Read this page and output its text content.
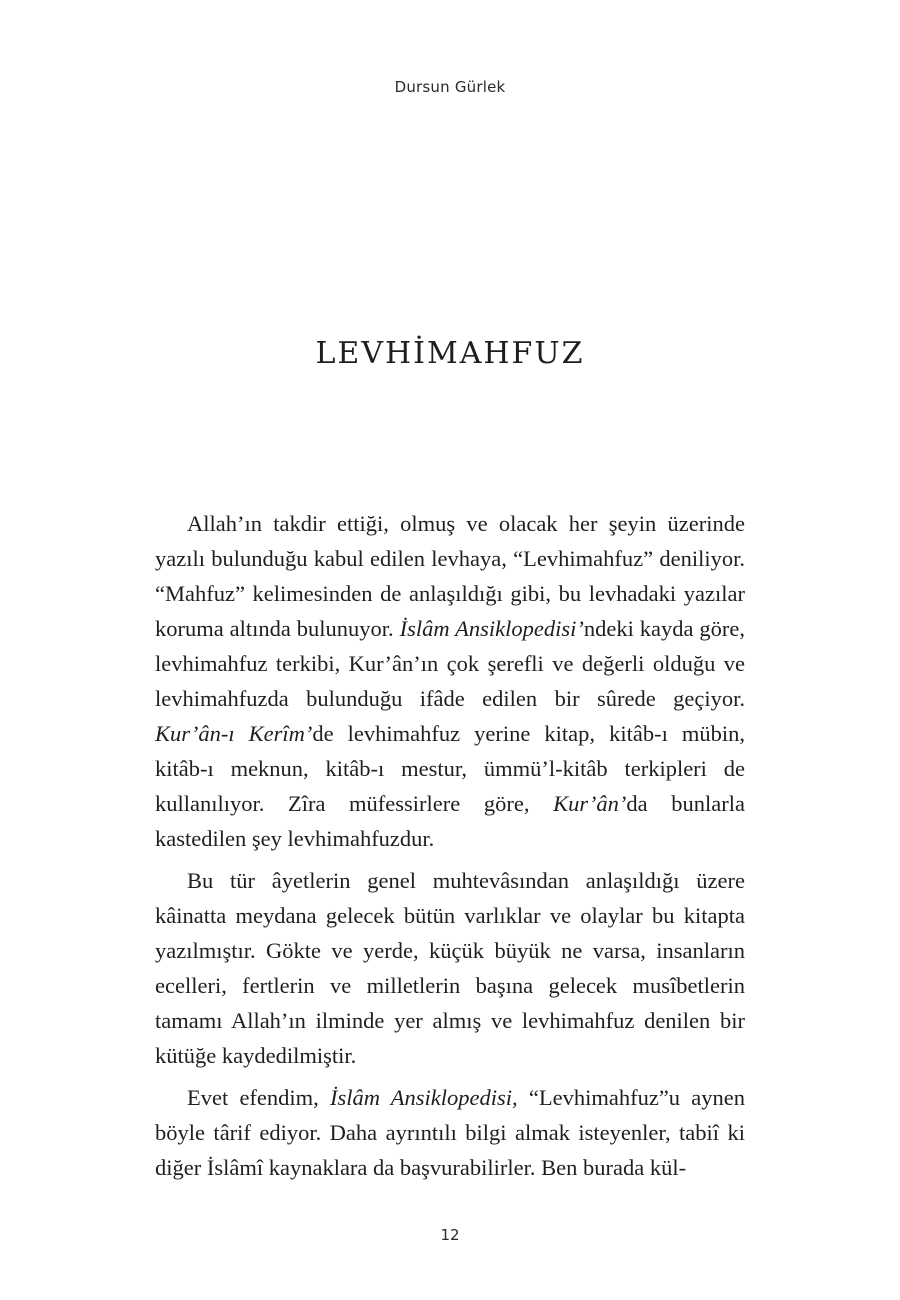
Dursun Gürlek
LEVHİMAHFUZ

Allah’ın takdir ettiği, olmuş ve olacak her şeyin üzerinde yazılı bulunduğu kabul edilen levhaya, “Levhimahfuz” deniliyor. “Mahfuz” kelimesinden de anlaşıldığı gibi, bu levhadaki yazılar koruma altında bulunuyor. İslâm Ansiklopedisi’ndeki kayda göre, levhimahfuz terkibi, Kur’ân’ın çok şerefli ve değerli olduğu ve levhimahfuzda bulunduğu ifâde edilen bir sûrede geçiyor. Kur’ân-ı Kerîm’de levhimahfuz yerine kitap, kitâb-ı mübin, kitâb-ı meknun, kitâb-ı mestur, ümmü’l-kitâb terkipleri de kullanılıyor. Zîra müfessirlere göre, Kur’ân’da bunlarla kastedilen şey levhimahfuzdur.

Bu tür âyetlerin genel muhtevâsından anlaşıldığı üzere kâinatta meydana gelecek bütün varlıklar ve olaylar bu kitapta yazılmıştır. Gökte ve yerde, küçük büyük ne varsa, insanların ecelleri, fertlerin ve milletlerin başına gelecek musîbetlerin tamamı Allah’ın ilminde yer almış ve levhimahfuz denilen bir kütüğe kaydedilmiştir.

Evet efendim, İslâm Ansiklopedisi, “Levhimahfuz”u aynen böyle târif ediyor. Daha ayrıntılı bilgi almak isteyenler, tabiî ki diğer İslâmî kaynaklara da başvurabilirler. Ben burada kül-

12
